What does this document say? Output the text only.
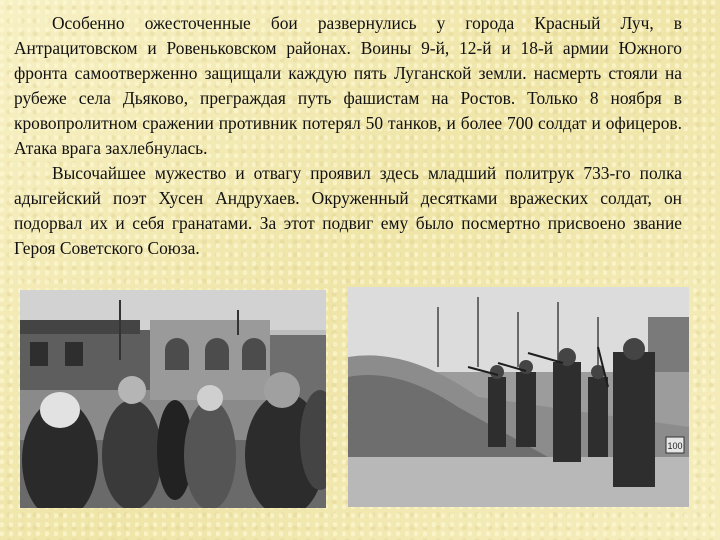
Особенно ожесточенные бои развернулись у города Красный Луч, в Антрацитовском и Ровеньковском районах. Воины 9-й, 12-й и 18-й армии Южного фронта самоотверженно защищали каждую пять Луганской земли. насмерть стояли на рубеже села Дьяково, преграждая путь фашистам на Ростов. Только 8 ноября в кровопролитном сражении противник потерял 50 танков, и более 700 солдат и офицеров. Атака врага захлебнулась.

Высочайшее мужество и отвагу проявил здесь младший политрук 733-го полка адыгейский поэт Хусен Андрухаев. Окруженный десятками вражеских солдат, он подорвал их и себя гранатами. За этот подвиг ему было посмертно присвоено звание Героя Советского Союза.

100
